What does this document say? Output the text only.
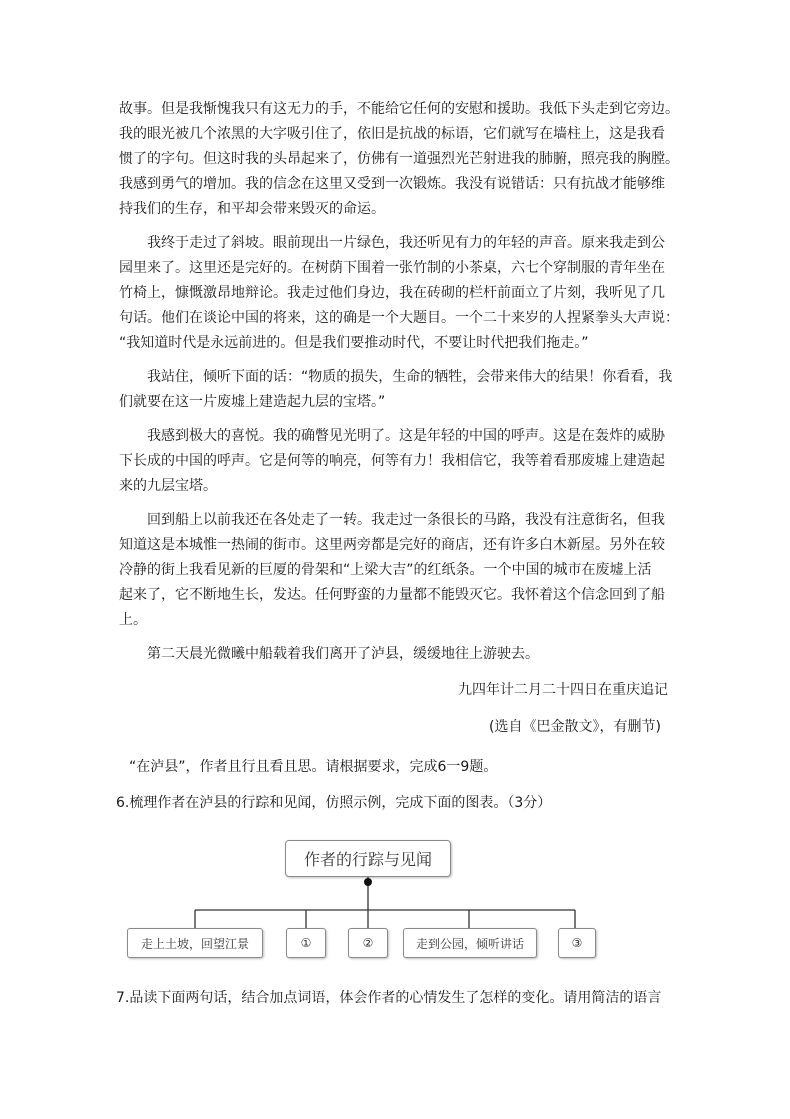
故事。但是我惭愧我只有这无力的手，不能给它任何的安慰和援助。我低下头走到它旁边。
我的眼光被几个浓黑的大字吸引住了，依旧是抗战的标语，它们就写在墙柱上，这是我看
惯了的字句。但这时我的头昂起来了，仿佛有一道强烈光芒射进我的肺腑，照亮我的胸膛。
我感到勇气的增加。我的信念在这里又受到一次锻炼。我没有说错话：只有抗战才能够维
持我们的生存，和平却会带来毁灭的命运。
我终于走过了斜坡。眼前现出一片绿色，我还听见有力的年轻的声音。原来我走到公
园里来了。这里还是完好的。在树荫下围着一张竹制的小茶桌，六七个穿制服的青年坐在
竹椅上，慷慨激昂地辩论。我走过他们身边，我在砖砌的栏杆前面立了片刻，我听见了几
句话。他们在谈论中国的将来，这的确是一个大题目。一个二十来岁的人捏紧拳头大声说：
“我知道时代是永远前进的。但是我们要推动时代，不要让时代把我们拖走。”
我站住，倾听下面的话：“物质的损失，生命的牺牲，会带来伟大的结果！你看看，我
们就要在这一片废墟上建造起九层的宝塔。”
我感到极大的喜悦。我的确瞥见光明了。这是年轻的中国的呼声。这是在轰炸的威胁
下长成的中国的呼声。它是何等的响亮，何等有力！我相信它，我等着看那废墟上建造起
来的九层宝塔。
回到船上以前我还在各处走了一转。我走过一条很长的马路，我没有注意街名，但我
知道这是本城惟一热闹的街市。这里两旁都是完好的商店，还有许多白木新屋。另外在较
冷静的街上我看见新的巨厦的骨架和“上梁大吉”的红纸条。一个中国的城市在废墟上活
起来了，它不断地生长，发达。任何野蛮的力量都不能毁灭它。我怀着这个信念回到了船
上。
第二天晨光微曦中船载着我们离开了泸县，缓缓地往上游驶去。
九四年计二月二十四日在重庆追记
(选自《巴金散文》，有删节)
“在泸县”，作者且行且看且思。请根据要求，完成6一9题。
6.梳理作者在泸县的行踪和见闻，仿照示例，完成下面的图表。（3分）
作者的行踪与见闻
走上土坡，回望江景	①	②	走到公园，倾听讲话	③
7.品读下面两句话，结合加点词语，体会作者的心情发生了怎样的变化。请用简洁的语言
